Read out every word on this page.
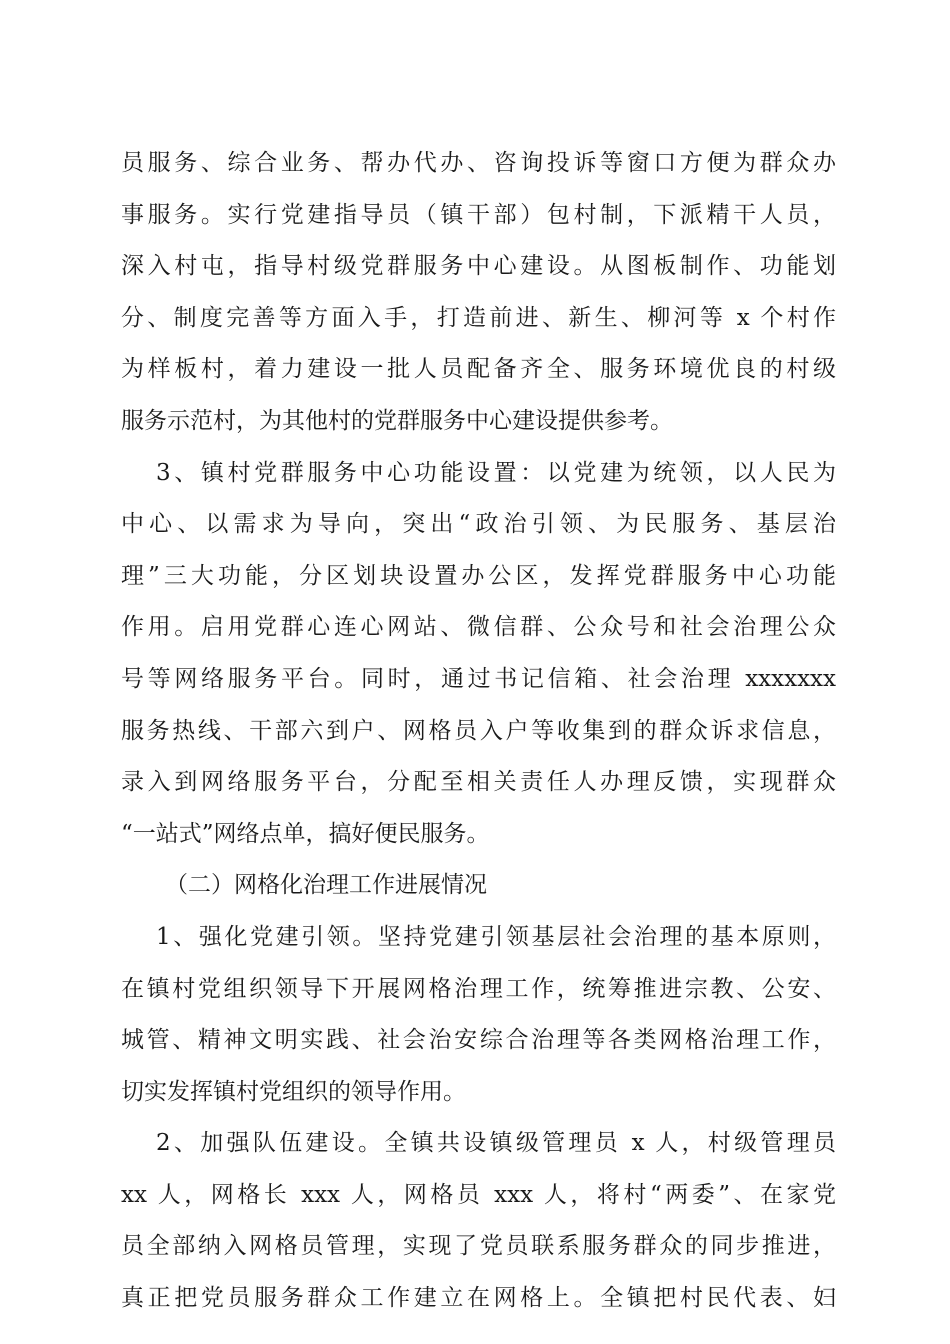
员服务、综合业务、帮办代办、咨询投诉等窗口方便为群众办
事服务。实行党建指导员（镇干部）包村制，下派精干人员，
深入村屯，指导村级党群服务中心建设。从图板制作、功能划
分、制度完善等方面入手，打造前进、新生、柳河等 x 个村作
为样板村，着力建设一批人员配备齐全、服务环境优良的村级
服务示范村，为其他村的党群服务中心建设提供参考。
3、镇村党群服务中心功能设置：以党建为统领，以人民为
中心、以需求为导向，突出“政治引领、为民服务、基层治
理”三大功能，分区划块设置办公区，发挥党群服务中心功能
作用。启用党群心连心网站、微信群、公众号和社会治理公众
号等网络服务平台。同时，通过书记信箱、社会治理 xxxxxxx
服务热线、干部六到户、网格员入户等收集到的群众诉求信息，
录入到网络服务平台，分配至相关责任人办理反馈，实现群众
“一站式”网络点单，搞好便民服务。
（二）网格化治理工作进展情况
1、强化党建引领。坚持党建引领基层社会治理的基本原则，
在镇村党组织领导下开展网格治理工作，统筹推进宗教、公安、
城管、精神文明实践、社会治安综合治理等各类网格治理工作，
切实发挥镇村党组织的领导作用。
2、加强队伍建设。全镇共设镇级管理员 x 人，村级管理员
xx 人，网格长 xxx 人，网格员 xxx 人，将村“两委”、在家党
员全部纳入网格员管理，实现了党员联系服务群众的同步推进，
真正把党员服务群众工作建立在网格上。全镇把村民代表、妇
